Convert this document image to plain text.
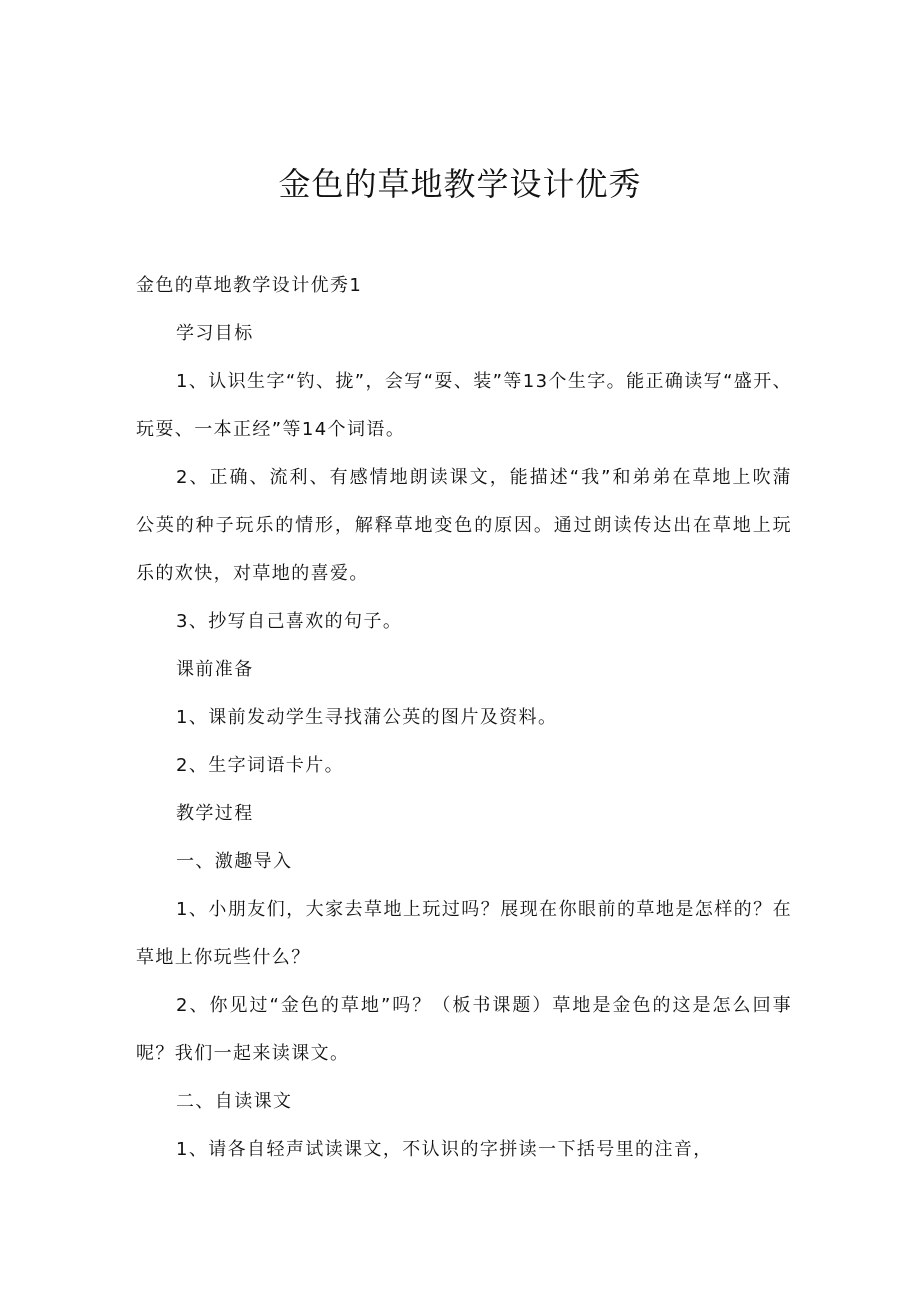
金色的草地教学设计优秀

金色的草地教学设计优秀1

学习目标

1、认识生字“钓、拢”，会写“耍、装”等13个生字。能正确读写“盛开、玩耍、一本正经”等14个词语。

2、正确、流利、有感情地朗读课文，能描述“我”和弟弟在草地上吹蒲公英的种子玩乐的情形，解释草地变色的原因。通过朗读传达出在草地上玩乐的欢快，对草地的喜爱。

3、抄写自己喜欢的句子。

课前准备

1、课前发动学生寻找蒲公英的图片及资料。

2、生字词语卡片。

教学过程

一、激趣导入

1、小朋友们，大家去草地上玩过吗？展现在你眼前的草地是怎样的？在草地上你玩些什么？

2、你见过“金色的草地”吗？（板书课题）草地是金色的这是怎么回事呢？我们一起来读课文。

二、自读课文

1、请各自轻声试读课文，不认识的字拼读一下括号里的注音，
